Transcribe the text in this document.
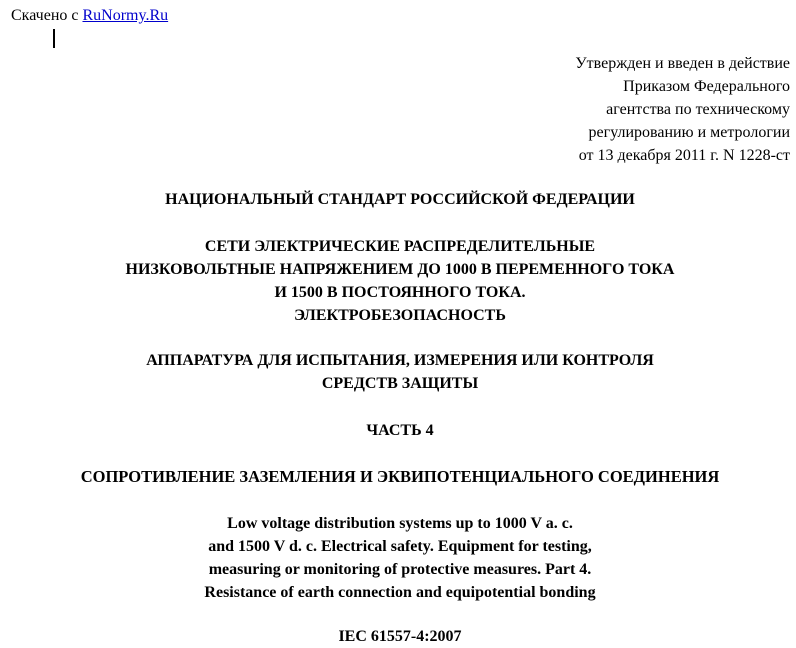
Скачено с RuNormy.Ru
Утвержден и введен в действие
Приказом Федерального
агентства по техническому
регулированию и метрологии
от 13 декабря 2011 г. N 1228-ст
НАЦИОНАЛЬНЫЙ СТАНДАРТ РОССИЙСКОЙ ФЕДЕРАЦИИ
СЕТИ ЭЛЕКТРИЧЕСКИЕ РАСПРЕДЕЛИТЕЛЬНЫЕ
НИЗКОВОЛЬТНЫЕ НАПРЯЖЕНИЕМ ДО 1000 В ПЕРЕМЕННОГО ТОКА
И 1500 В ПОСТОЯННОГО ТОКА.
ЭЛЕКТРОБЕЗОПАСНОСТЬ
АППАРАТУРА ДЛЯ ИСПЫТАНИЯ, ИЗМЕРЕНИЯ ИЛИ КОНТРОЛЯ
СРЕДСТВ ЗАЩИТЫ
ЧАСТЬ 4
СОПРОТИВЛЕНИЕ ЗАЗЕМЛЕНИЯ И ЭКВИПОТЕНЦИАЛЬНОГО СОЕДИНЕНИЯ
Low voltage distribution systems up to 1000 V a. c.
and 1500 V d. c. Electrical safety. Equipment for testing,
measuring or monitoring of protective measures. Part 4.
Resistance of earth connection and equipotential bonding
IEC 61557-4:2007
